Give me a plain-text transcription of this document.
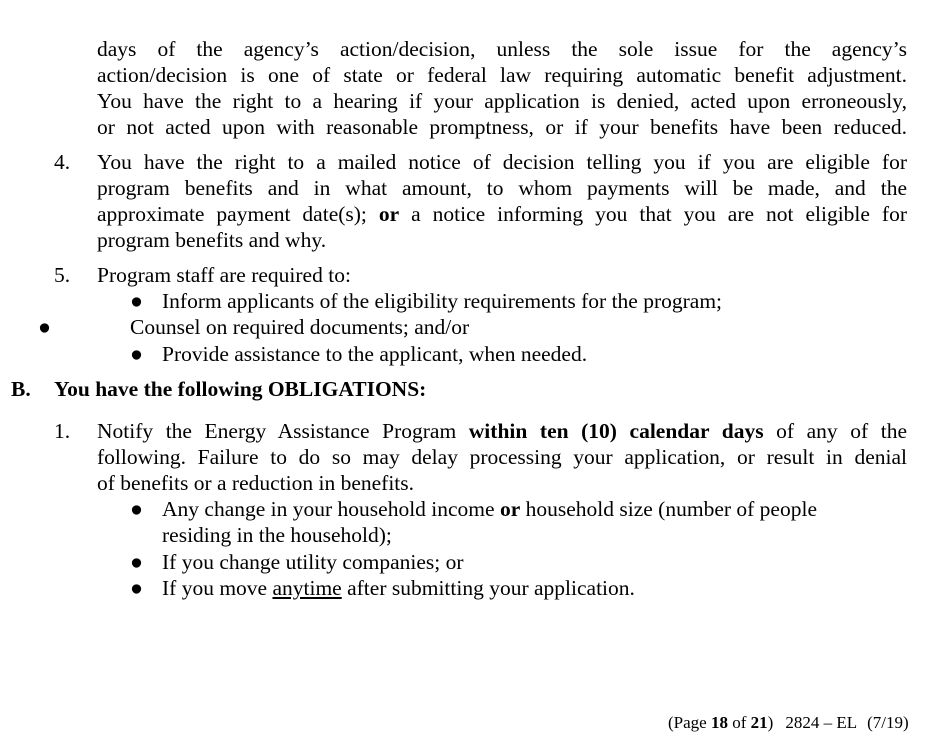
days of the agency’s action/decision, unless the sole issue for the agency’s
action/decision is one of state or federal law requiring automatic benefit adjustment.
You have the right to a hearing if your application is denied, acted upon erroneously,
or not acted upon with reasonable promptness, or if your benefits have been reduced.
4. You have the right to a mailed notice of decision telling you if you are eligible for
program benefits and in what amount, to whom payments will be made, and the
approximate payment date(s); or a notice informing you that you are not eligible for
program benefits and why.
5. Program staff are required to:
● Inform applicants of the eligibility requirements for the program;
●	Counsel on required documents; and/or
● Provide assistance to the applicant, when needed.
B. You have the following OBLIGATIONS:
1. Notify the Energy Assistance Program within ten (10) calendar days of any of the
following. Failure to do so may delay processing your application, or result in denial
of benefits or a reduction in benefits.
● Any change in your household income or household size (number of people
residing in the household);
● If you change utility companies; or
● If you move anytime after submitting your application.
(Page 18 of 21) 2824 – EL (7/19)
